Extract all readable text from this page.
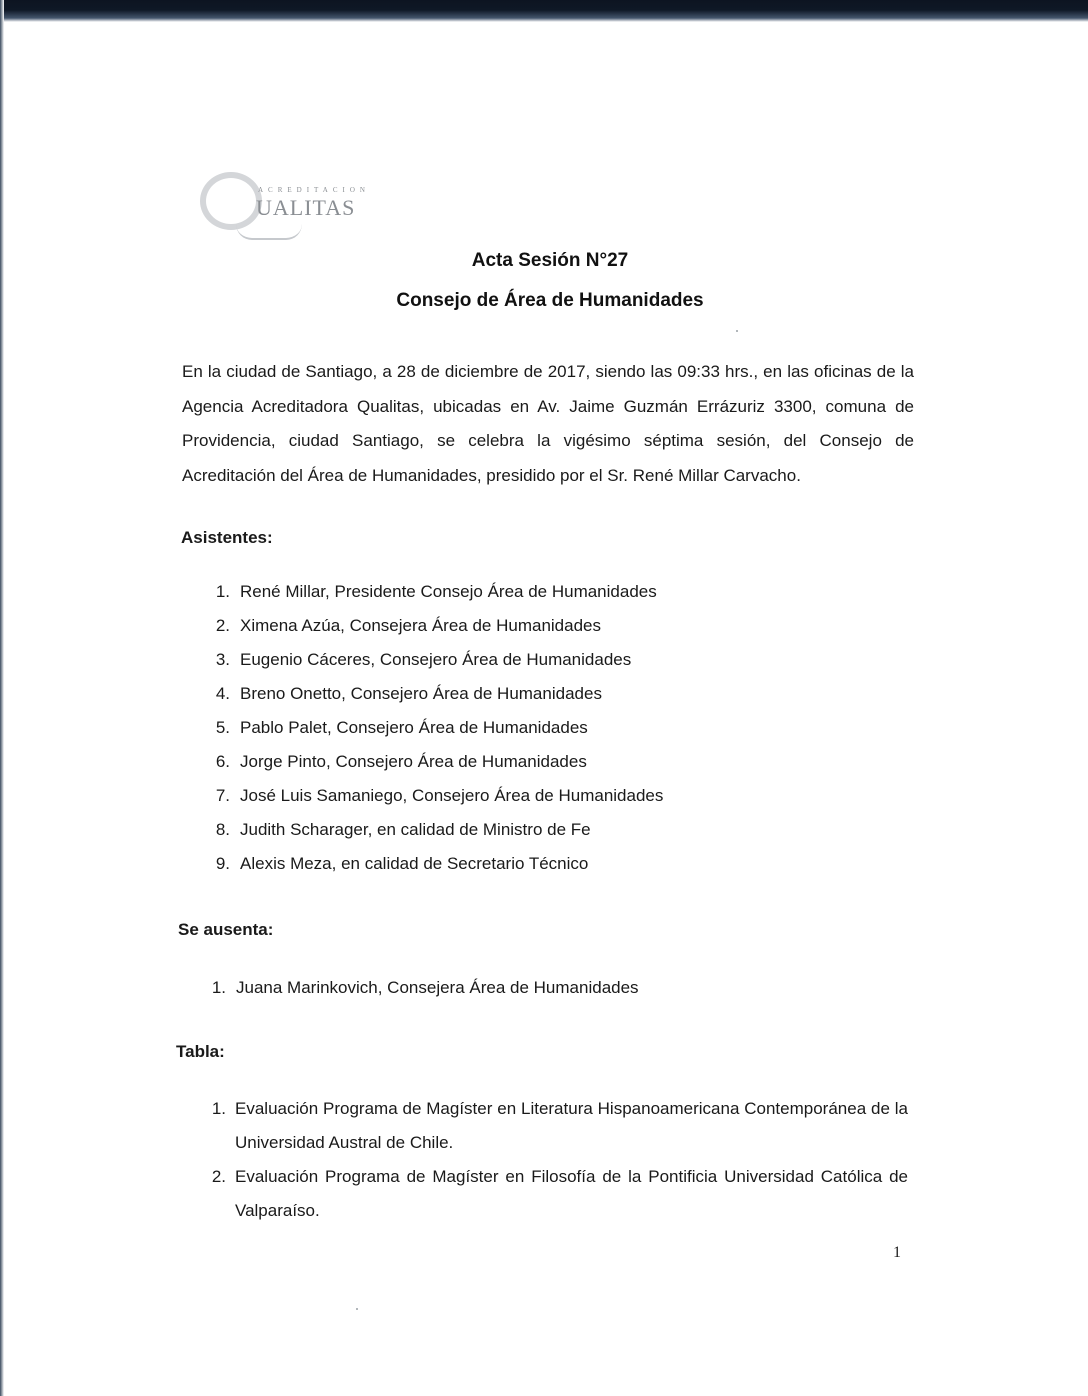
ACREDITACION
UALITAS
Acta Sesión N°27
Consejo de Área de Humanidades

En la ciudad de Santiago, a 28 de diciembre de 2017, siendo las 09:33 hrs., en las oficinas de la Agencia Acreditadora Qualitas, ubicadas en Av. Jaime Guzmán Errázuriz 3300, comuna de Providencia, ciudad Santiago, se celebra la vigésimo séptima sesión, del Consejo de Acreditación del Área de Humanidades, presidido por el Sr. René Millar Carvacho.

Asistentes:

1. René Millar, Presidente Consejo Área de Humanidades
2. Ximena Azúa, Consejera Área de Humanidades
3. Eugenio Cáceres, Consejero Área de Humanidades
4. Breno Onetto, Consejero Área de Humanidades
5. Pablo Palet, Consejero Área de Humanidades
6. Jorge Pinto, Consejero Área de Humanidades
7. José Luis Samaniego, Consejero Área de Humanidades
8. Judith Scharager, en calidad de Ministro de Fe
9. Alexis Meza, en calidad de Secretario Técnico

Se ausenta:

1. Juana Marinkovich, Consejera Área de Humanidades

Tabla:

1. Evaluación Programa de Magíster en Literatura Hispanoamericana Contemporánea de la Universidad Austral de Chile.
2. Evaluación Programa de Magíster en Filosofía de la Pontificia Universidad Católica de Valparaíso.
1
